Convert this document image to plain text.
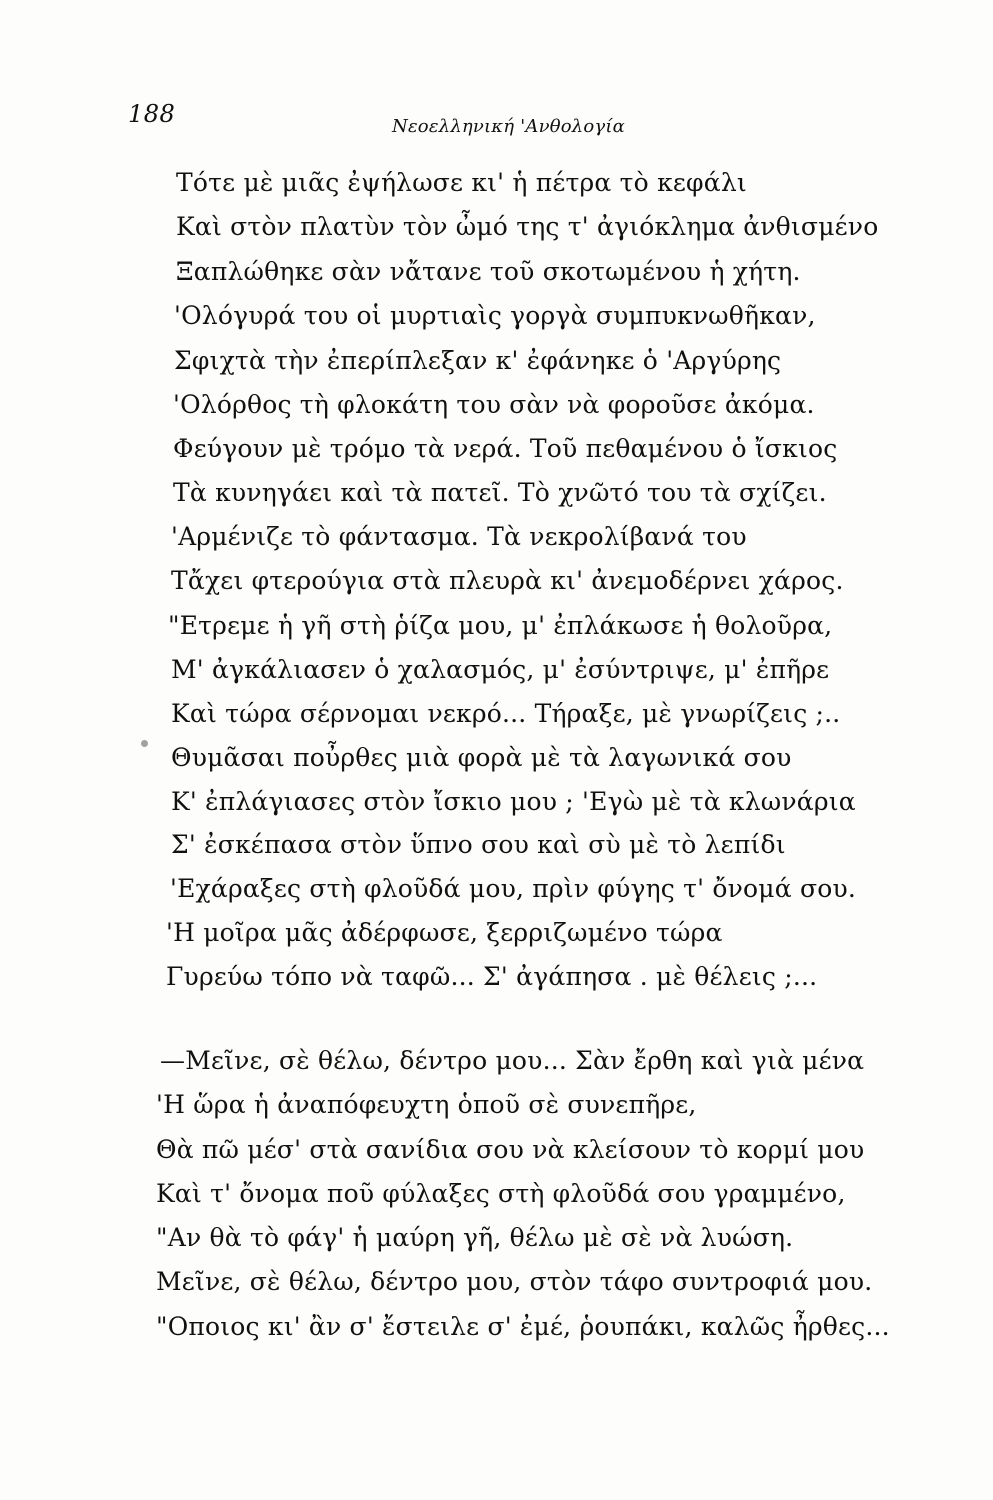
188	Νεοελληνική 'Ανθολογία
Τότε μὲ μιᾶς ἐψήλωσε κι' ἡ πέτρα τὸ κεφάλι
Καὶ στὸν πλατὺν τὸν ὦμό της τ' ἀγιόκλημα ἀνθισμένο
Ξαπλώθηκε σὰν νἄτανε τοῦ σκοτωμένου ἡ χήτη.
'Ολόγυρά του οἱ μυρτιαὶς γοργὰ συμπυκνωθῆκαν,
Σφιχτὰ τὴν ἐπερίπλεξαν κ' ἐφάνηκε ὁ 'Αργύρης
'Ολόρθος τὴ φλοκάτη του σὰν νὰ φοροῦσε ἀκόμα.
Φεύγουν μὲ τρόμο τὰ νερά. Τοῦ πεθαμένου ὁ ἴσκιος
Τὰ κυνηγάει καὶ τὰ πατεῖ. Τὸ χνῶτό του τὰ σχίζει.
'Αρμένιζε τὸ φάντασμα. Τὰ νεκρολίβανά του
Τἄχει φτερούγια στὰ πλευρὰ κι' ἀνεμοδέρνει χάρος.
"Ετρεμε ἡ γῆ στὴ ῥίζα μου, μ' ἐπλάκωσε ἡ θολοῦρα,
Μ' ἀγκάλιασεν ὁ χαλασμός, μ' ἐσύντριψε, μ' ἐπῆρε
Καὶ τώρα σέρνομαι νεκρό... Τήραξε, μὲ γνωρίζεις ;..
Θυμᾶσαι ποὖρθες μιὰ φορὰ μὲ τὰ λαγωνικά σου
Κ' ἐπλάγιασες στὸν ἴσκιο μου ; 'Εγὼ μὲ τὰ κλωνάρια
Σ' ἐσκέπασα στὸν ὕπνο σου καὶ σὺ μὲ τὸ λεπίδι
'Εχάραξες στὴ φλοῦδά μου, πρὶν φύγης τ' ὄνομά σου.
'Η μοῖρα μᾶς ἀδέρφωσε, ξερριζωμένο τώρα
Γυρεύω τόπο νὰ ταφῶ... Σ' ἀγάπησα . μὲ θέλεις ;...
—Μεῖνε, σὲ θέλω, δέντρο μου... Σὰν ἔρθη καὶ γιὰ μένα
'Η ὥρα ἡ ἀναπόφευχτη ὁποῦ σὲ συνεπῆρε,
Θὰ πῶ μέσ' στὰ σανίδια σου νὰ κλείσουν τὸ κορμί μου
Καὶ τ' ὄνομα ποῦ φύλαξες στὴ φλοῦδά σου γραμμένο,
"Αν θὰ τὸ φάγ' ἡ μαύρη γῆ, θέλω μὲ σὲ νὰ λυώση.
Μεῖνε, σὲ θέλω, δέντρο μου, στὸν τάφο συντροφιά μου.
"Οποιος κι' ἂν σ' ἔστειλε σ' ἐμέ, ῥουπάκι, καλῶς ἦρθες...
